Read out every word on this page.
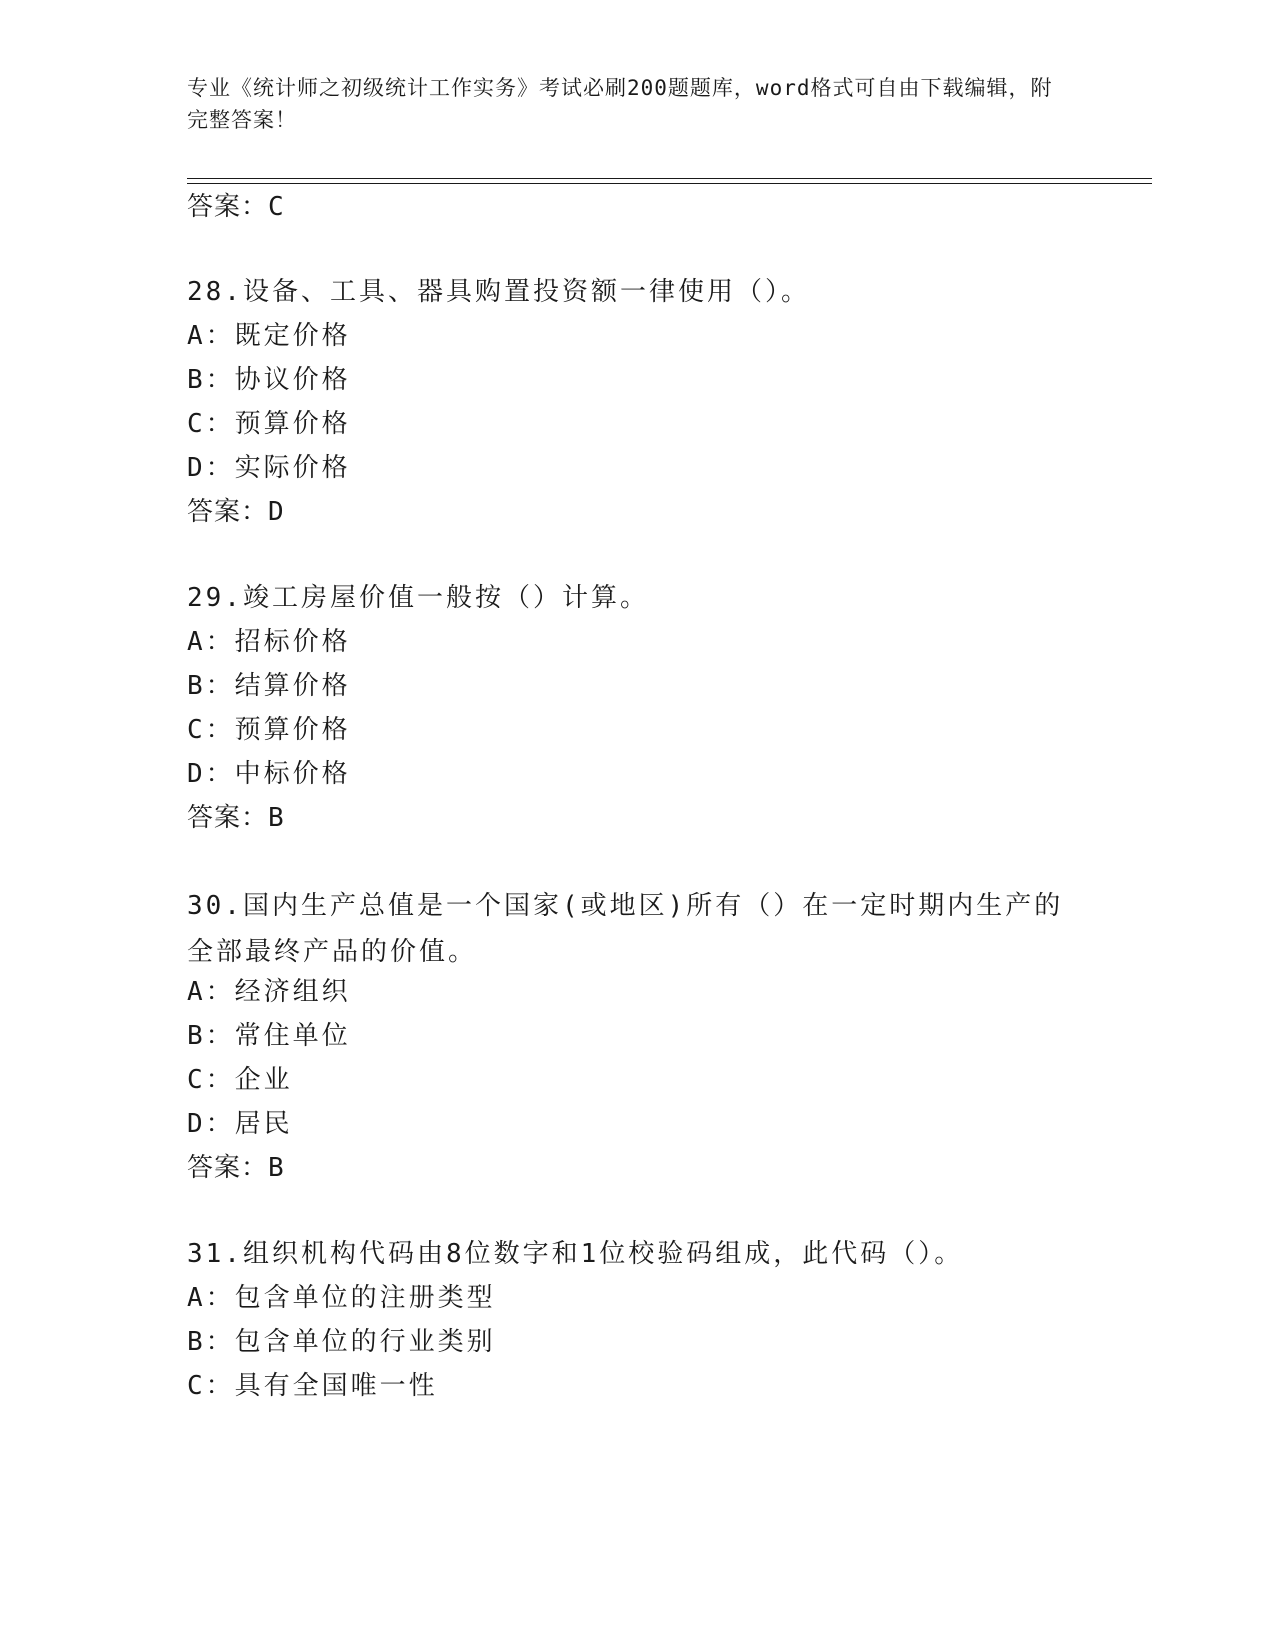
专业《统计师之初级统计工作实务》考试必刷200题题库，word格式可自由下载编辑，附完整答案！
答案：C
28.设备、工具、器具购置投资额一律使用（）。
A：既定价格
B：协议价格
C：预算价格
D：实际价格
答案：D
29.竣工房屋价值一般按（）计算。
A：招标价格
B：结算价格
C：预算价格
D：中标价格
答案：B
30.国内生产总值是一个国家(或地区)所有（）在一定时期内生产的全部最终产品的价值。
A：经济组织
B：常住单位
C：企业
D：居民
答案：B
31.组织机构代码由8位数字和1位校验码组成，此代码（）。
A：包含单位的注册类型
B：包含单位的行业类别
C：具有全国唯一性
